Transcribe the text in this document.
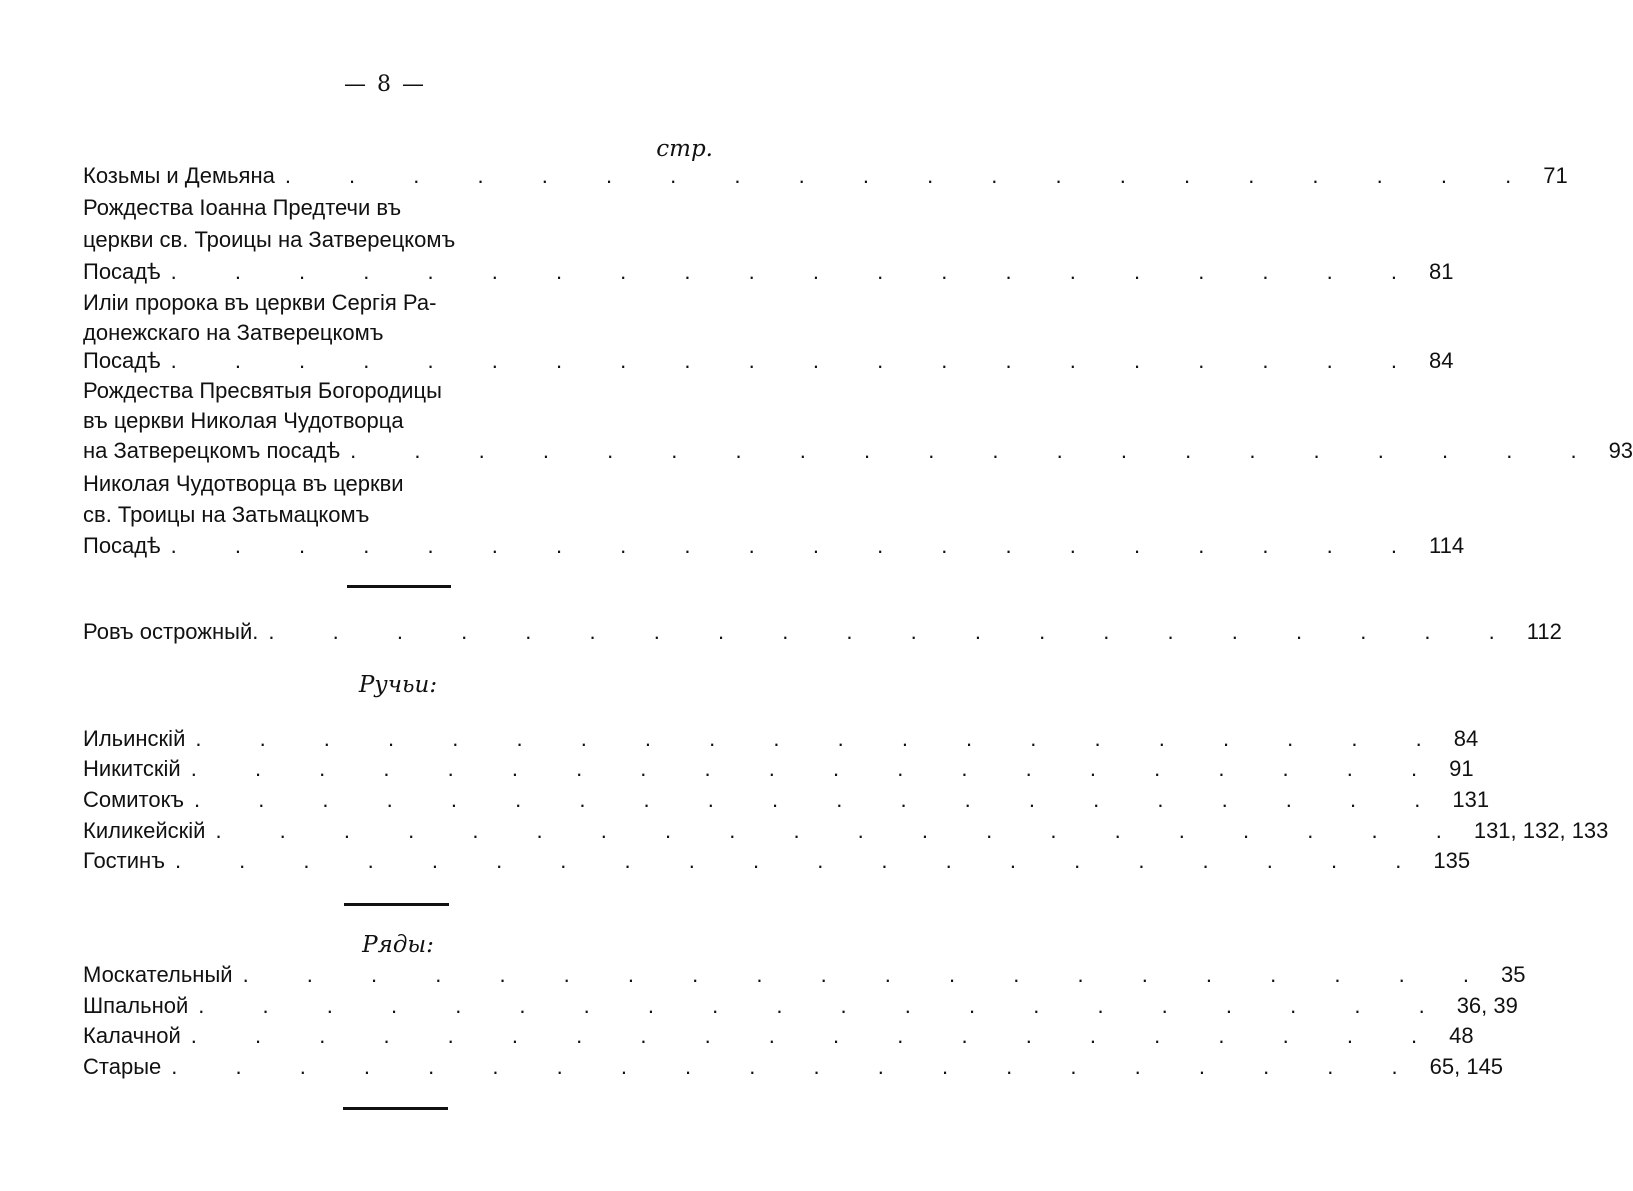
— 8 —
стр.
Козьмы и Демьяна . . . . . . . . . . . . . . . . . . . . 71
Рождества Іоанна Предтечи въ
церкви св. Троицы на Затверецкомъ
Посадѣ . . . . . . . . . . . . . . . . . . . . 81
Иліи пророка въ церкви Сергія Ра-
донежскаго на Затверецкомъ
Посадѣ . . . . . . . . . . . . . . . . . . . . 84
Рождества Пресвятыя Богородицы
въ церкви Николая Чудотворца
на Затверецкомъ посадѣ . . . . . . . . . . . . . . . . . . . . 93
Николая Чудотворца въ церкви
св. Троицы на Затьмацкомъ
Посадѣ . . . . . . . . . . . . . . . . . . . . 114
Ровъ острожный. . . . . . . . . . . . . . . . . . . . . 112
Ручьи:
Ильинскій . . . . . . . . . . . . . . . . . . . . 84
Никитскій . . . . . . . . . . . . . . . . . . . . 91
Сомитокъ . . . . . . . . . . . . . . . . . . . . 131
Киликейскій . . . . . . . . . . . . . . . . . . . . 131, 132, 133
Гостинъ . . . . . . . . . . . . . . . . . . . . 135
Ряды:
Москательный . . . . . . . . . . . . . . . . . . . . 35
Шпальной . . . . . . . . . . . . . . . . . . . . 36, 39
Калачной . . . . . . . . . . . . . . . . . . . . 48
Старые . . . . . . . . . . . . . . . . . . . . 65, 145
